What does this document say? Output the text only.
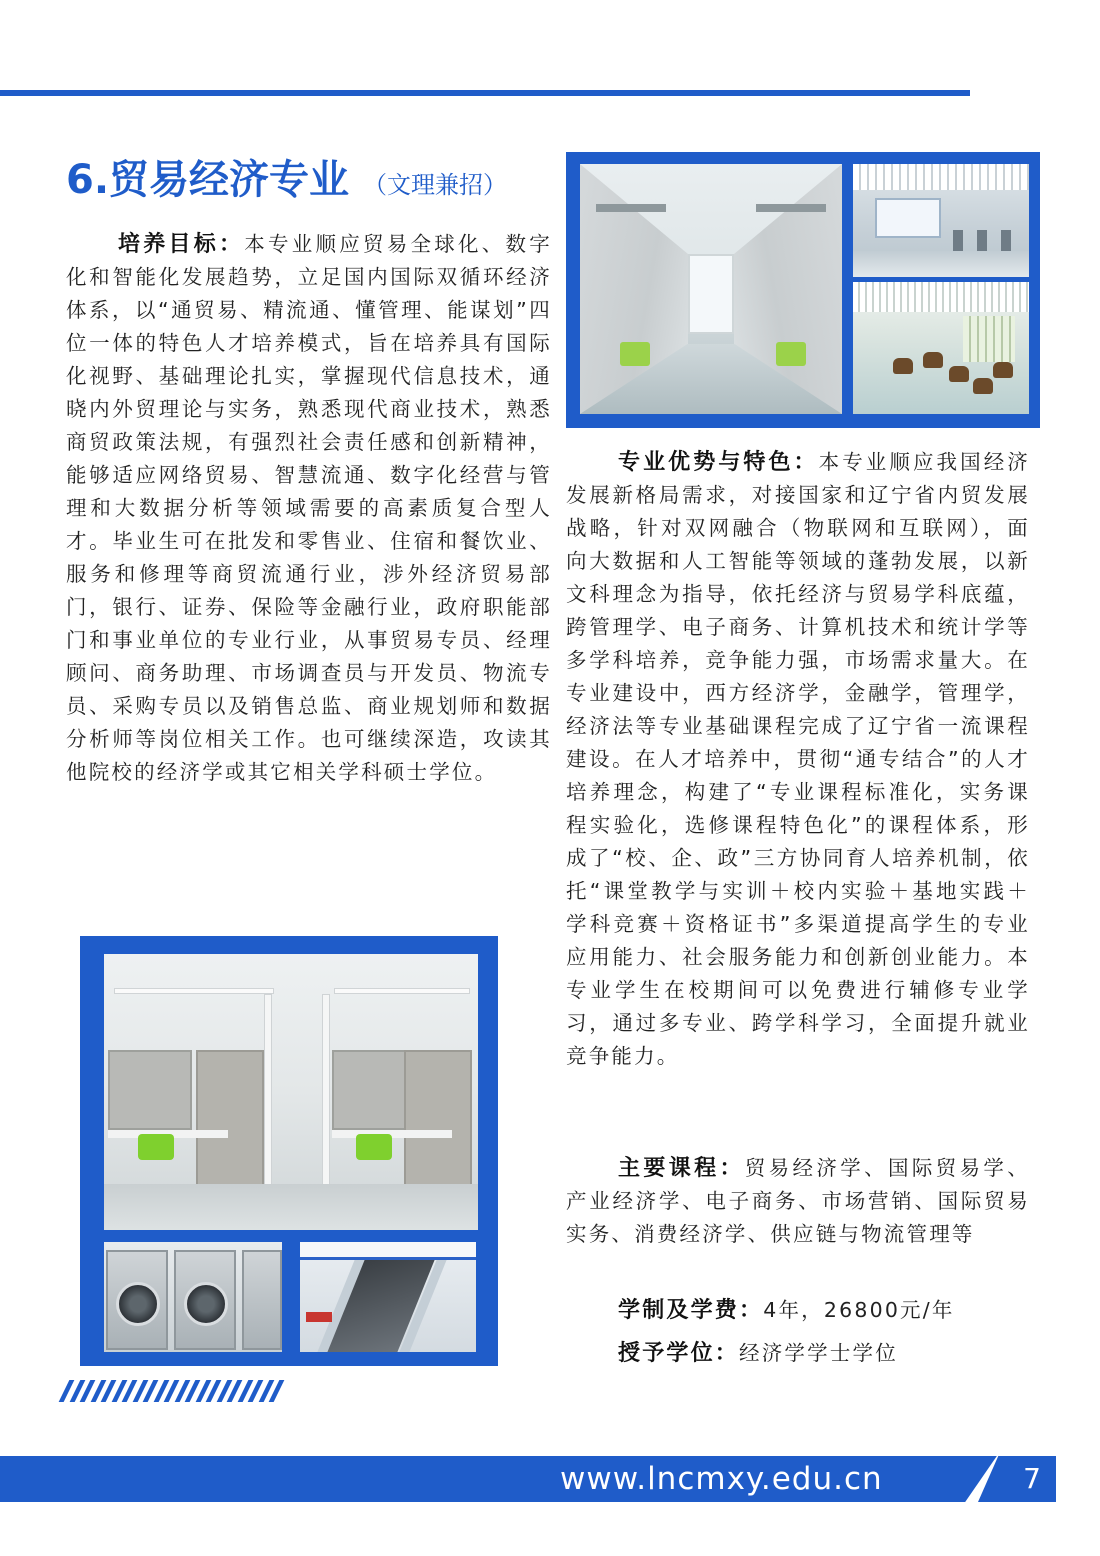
6.贸易经济专业 （文理兼招）
培养目标：本专业顺应贸易全球化、数字化和智能化发展趋势，立足国内国际双循环经济体系，以“通贸易、精流通、懂管理、能谋划”四位一体的特色人才培养模式，旨在培养具有国际化视野、基础理论扎实，掌握现代信息技术，通晓内外贸理论与实务，熟悉现代商业技术，熟悉商贸政策法规，有强烈社会责任感和创新精神，能够适应网络贸易、智慧流通、数字化经营与管理和大数据分析等领域需要的高素质复合型人才。毕业生可在批发和零售业、住宿和餐饮业、服务和修理等商贸流通行业，涉外经济贸易部门，银行、证券、保险等金融行业，政府职能部门和事业单位的专业行业，从事贸易专员、经理顾问、商务助理、市场调查员与开发员、物流专员、采购专员以及销售总监、商业规划师和数据分析师等岗位相关工作。也可继续深造，攻读其他院校的经济学或其它相关学科硕士学位。
专业优势与特色：本专业顺应我国经济发展新格局需求，对接国家和辽宁省内贸发展战略，针对双网融合（物联网和互联网），面向大数据和人工智能等领域的蓬勃发展，以新文科理念为指导，依托经济与贸易学科底蕴，跨管理学、电子商务、计算机技术和统计学等多学科培养，竞争能力强，市场需求量大。在专业建设中，西方经济学，金融学，管理学，经济法等专业基础课程完成了辽宁省一流课程建设。在人才培养中，贯彻“通专结合”的人才培养理念，构建了“专业课程标准化，实务课程实验化，选修课程特色化”的课程体系，形成了“校、企、政”三方协同育人培养机制，依托“课堂教学与实训＋校内实验＋基地实践＋学科竞赛＋资格证书”多渠道提高学生的专业应用能力、社会服务能力和创新创业能力。本专业学生在校期间可以免费进行辅修专业学习，通过多专业、跨学科学习，全面提升就业竞争能力。
主要课程：贸易经济学、国际贸易学、产业经济学、电子商务、市场营销、国际贸易实务、消费经济学、供应链与物流管理等
学制及学费：4年，26800元/年
授予学位：经济学学士学位
www.lncmxy.edu.cn	7
